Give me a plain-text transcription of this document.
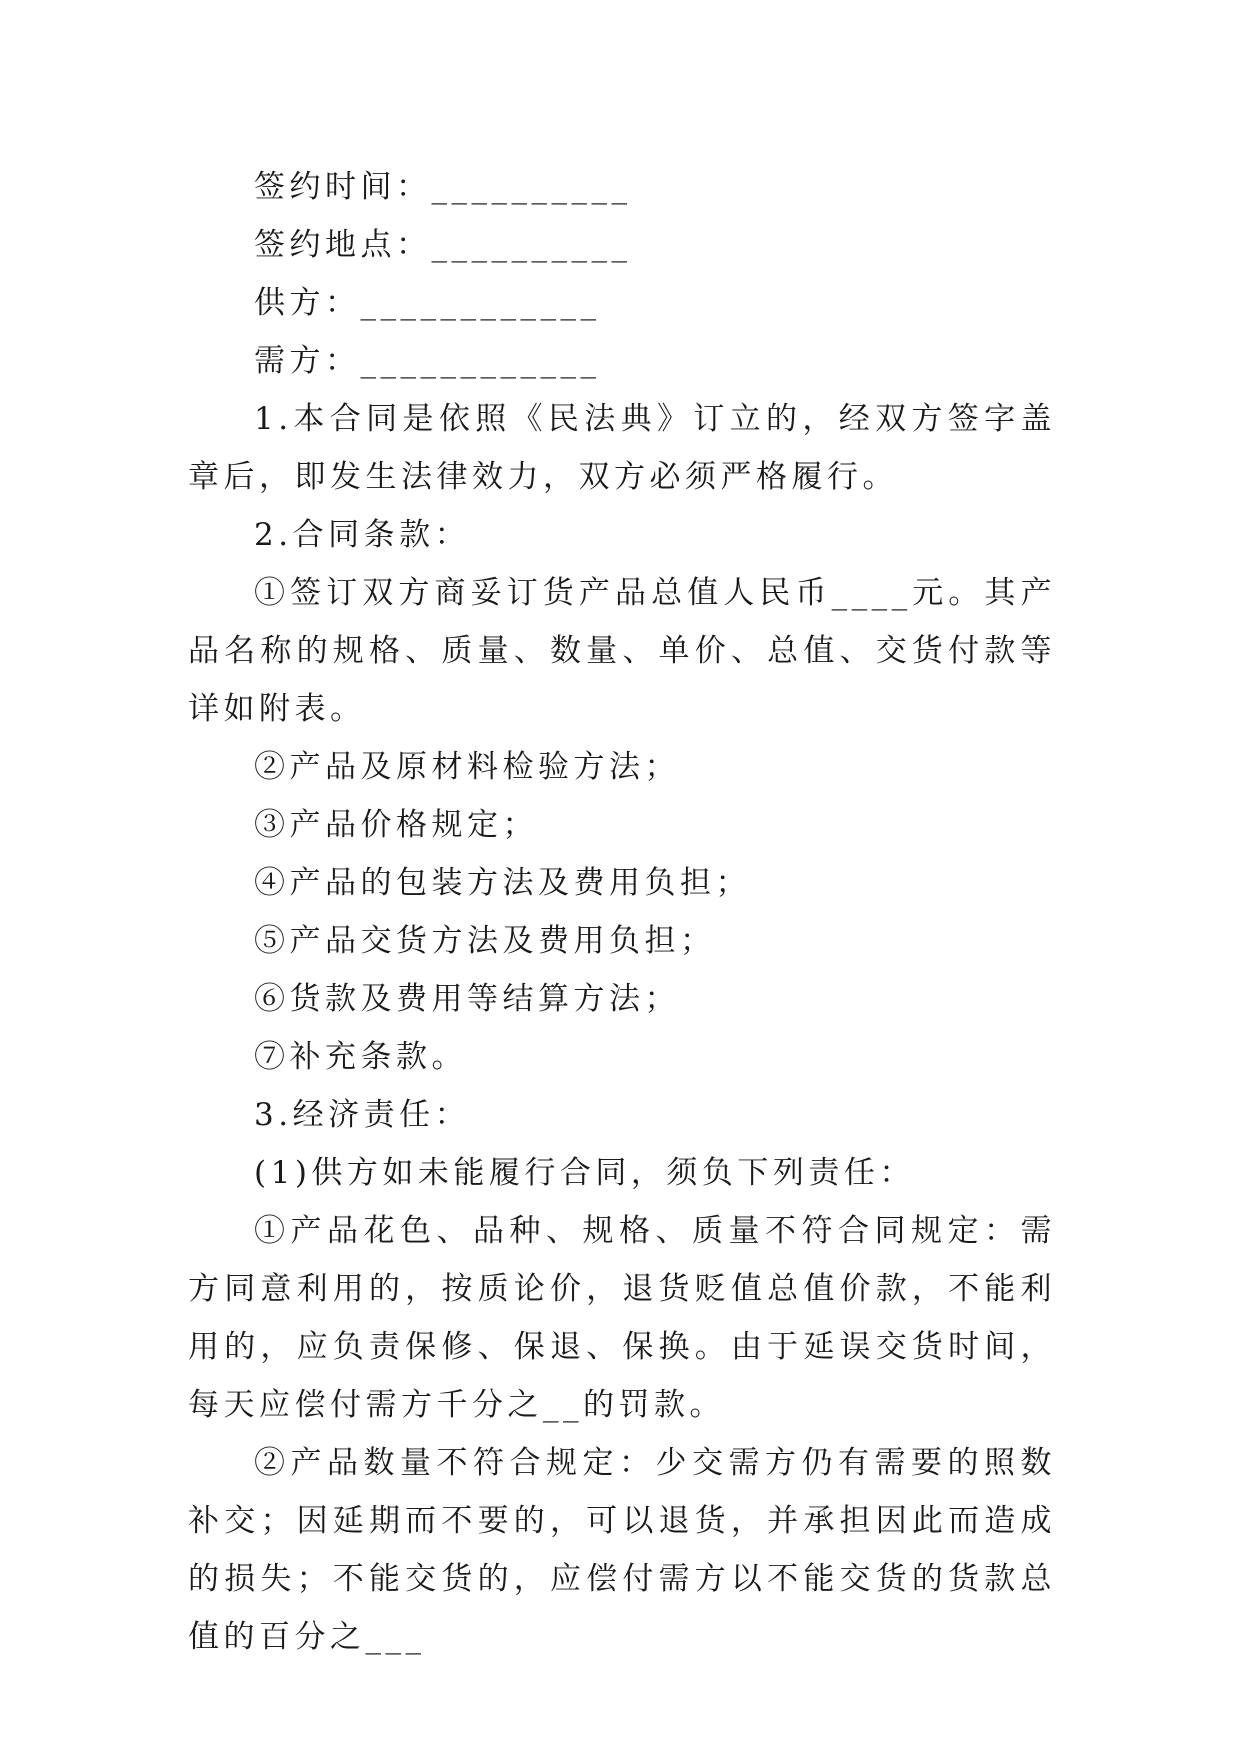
签约时间：__________

签约地点：__________

供方：____________

需方：____________

1.本合同是依照《民法典》订立的，经双方签字盖章后，即发生法律效力，双方必须严格履行。

2.合同条款：

①签订双方商妥订货产品总值人民币____元。其产品名称的规格、质量、数量、单价、总值、交货付款等详如附表。

②产品及原材料检验方法；

③产品价格规定；

④产品的包装方法及费用负担；

⑤产品交货方法及费用负担；

⑥货款及费用等结算方法；

⑦补充条款。

3.经济责任：

(1)供方如未能履行合同，须负下列责任：

①产品花色、品种、规格、质量不符合同规定：需方同意利用的，按质论价，退货贬值总值价款，不能利用的，应负责保修、保退、保换。由于延误交货时间，每天应偿付需方千分之__的罚款。

②产品数量不符合规定：少交需方仍有需要的照数补交；因延期而不要的，可以退货，并承担因此而造成的损失；不能交货的，应偿付需方以不能交货的货款总值的百分之___
